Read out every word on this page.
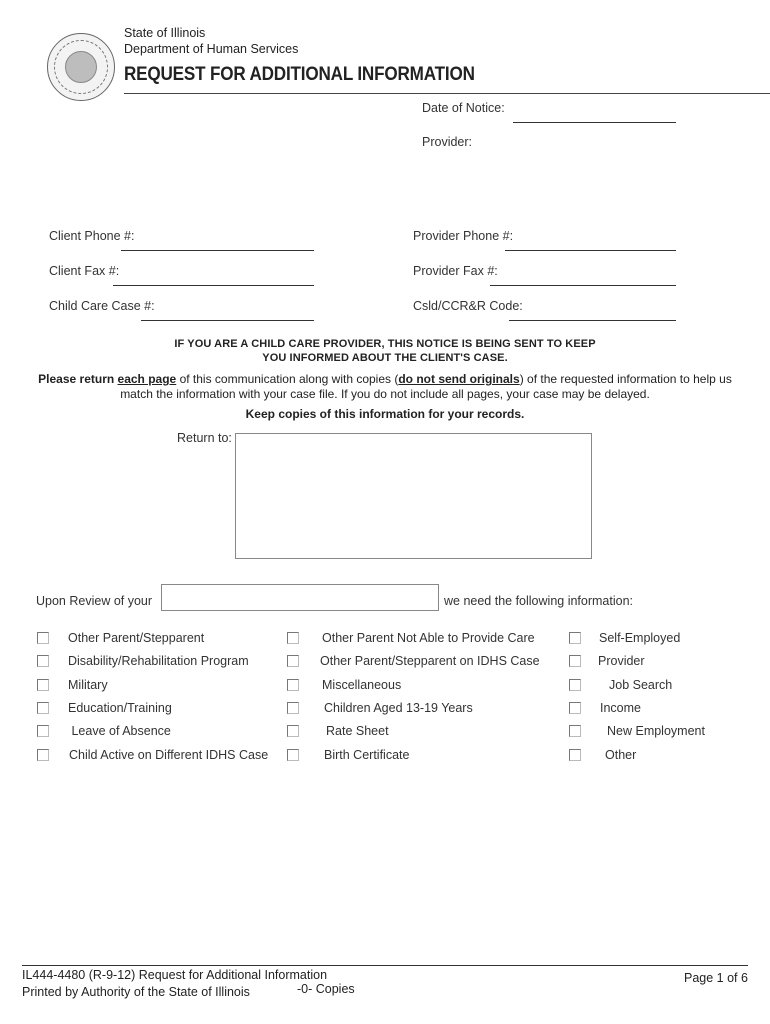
State of Illinois
Department of Human Services
REQUEST FOR ADDITIONAL INFORMATION
Date of Notice:
Provider:
Client Phone #:	Provider Phone #:
Client Fax #:	Provider Fax #:
Child Care Case #:	Csld/CCR&R Code:
IF YOU ARE A CHILD CARE PROVIDER, THIS NOTICE IS BEING SENT TO KEEP
YOU INFORMED ABOUT THE CLIENT'S CASE.
Please return each page of this communication along with copies (do not send originals) of the requested information to help us
match the information with your case file. If you do not include all pages, your case may be delayed.
Keep copies of this information for your records.
Return to:
Upon Review of your	we need the following information:
Other Parent/Stepparent
Disability/Rehabilitation Program
Military
Education/Training
Leave of Absence
Child Active on Different IDHS Case
Other Parent Not Able to Provide Care
Other Parent/Stepparent on IDHS Case
Miscellaneous
Children Aged 13-19 Years
Rate Sheet
Birth Certificate
Self-Employed
Provider
Job Search
Income
New Employment
Other
IL444-4480 (R-9-12) Request for Additional Information
Printed by Authority of the State of Illinois	-0- Copies
Page 1 of 6
